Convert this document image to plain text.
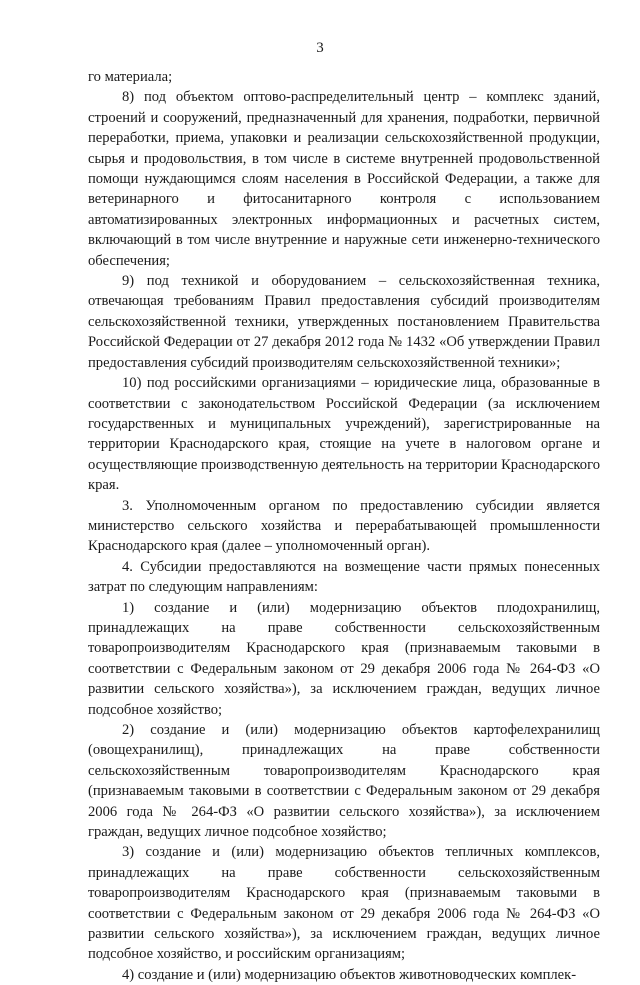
3

го материала;

8) под объектом оптово-распределительный центр – комплекс зданий, строений и сооружений, предназначенный для хранения, подработки, первичной переработки, приема, упаковки и реализации сельскохозяйственной продукции, сырья и продовольствия, в том числе в системе внутренней продовольственной помощи нуждающимся слоям населения в Российской Федерации, а также для ветеринарного и фитосанитарного контроля с использованием автоматизированных электронных информационных и расчетных систем, включающий в том числе внутренние и наружные сети инженерно-технического обеспечения;

9) под техникой и оборудованием – сельскохозяйственная техника, отвечающая требованиям Правил предоставления субсидий производителям сельскохозяйственной техники, утвержденных постановлением Правительства Российской Федерации от 27 декабря 2012 года № 1432 «Об утверждении Правил предоставления субсидий производителям сельскохозяйственной техники»;

10) под российскими организациями – юридические лица, образованные в соответствии с законодательством Российской Федерации (за исключением государственных и муниципальных учреждений), зарегистрированные на территории Краснодарского края, стоящие на учете в налоговом органе и осуществляющие производственную деятельность на территории Краснодарского края.

3. Уполномоченным органом по предоставлению субсидии является министерство сельского хозяйства и перерабатывающей промышленности Краснодарского края (далее – уполномоченный орган).

4. Субсидии предоставляются на возмещение части прямых понесенных затрат по следующим направлениям:

1) создание и (или) модернизацию объектов плодохранилищ, принадлежащих на праве собственности сельскохозяйственным товаропроизводителям Краснодарского края (признаваемым таковыми в соответствии с Федеральным законом от 29 декабря 2006 года № 264-ФЗ «О развитии сельского хозяйства»), за исключением граждан, ведущих личное подсобное хозяйство;

2) создание и (или) модернизацию объектов картофелехранилищ (овощехранилищ), принадлежащих на праве собственности сельскохозяйственным товаропроизводителям Краснодарского края (признаваемым таковыми в соответствии с Федеральным законом от 29 декабря 2006 года № 264-ФЗ «О развитии сельского хозяйства»), за исключением граждан, ведущих личное подсобное хозяйство;

3) создание и (или) модернизацию объектов тепличных комплексов, принадлежащих на праве собственности сельскохозяйственным товаропроизводителям Краснодарского края (признаваемым таковыми в соответствии с Федеральным законом от 29 декабря 2006 года № 264-ФЗ «О развитии сельского хозяйства»), за исключением граждан, ведущих личное подсобное хозяйство, и российским организациям;

4) создание и (или) модернизацию объектов животноводческих комплек-
